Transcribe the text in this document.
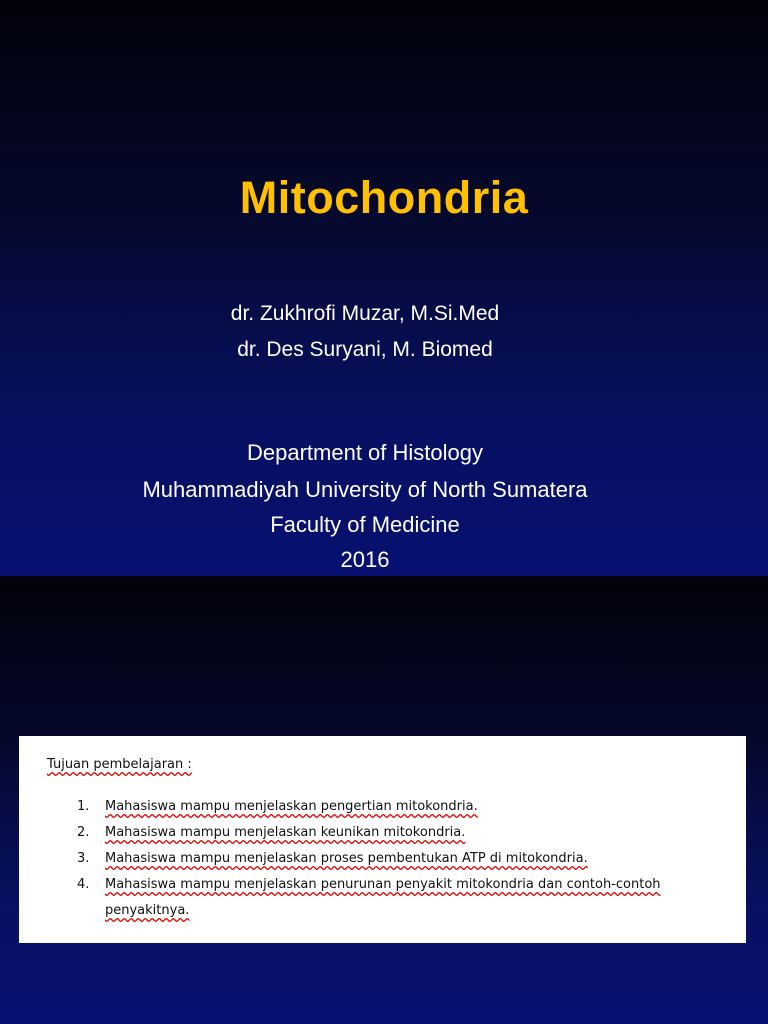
Mitochondria
dr. Zukhrofi Muzar, M.Si.Med
dr. Des Suryani, M. Biomed
Department of Histology
Muhammadiyah University of North Sumatera
Faculty of Medicine
2016
Tujuan pembelajaran :
1.	Mahasiswa mampu menjelaskan pengertian mitokondria.
2.	Mahasiswa mampu menjelaskan keunikan mitokondria.
3.	Mahasiswa mampu menjelaskan proses pembentukan ATP di mitokondria.
4.	Mahasiswa mampu menjelaskan penurunan penyakit mitokondria dan contoh-contoh penyakitnya.
